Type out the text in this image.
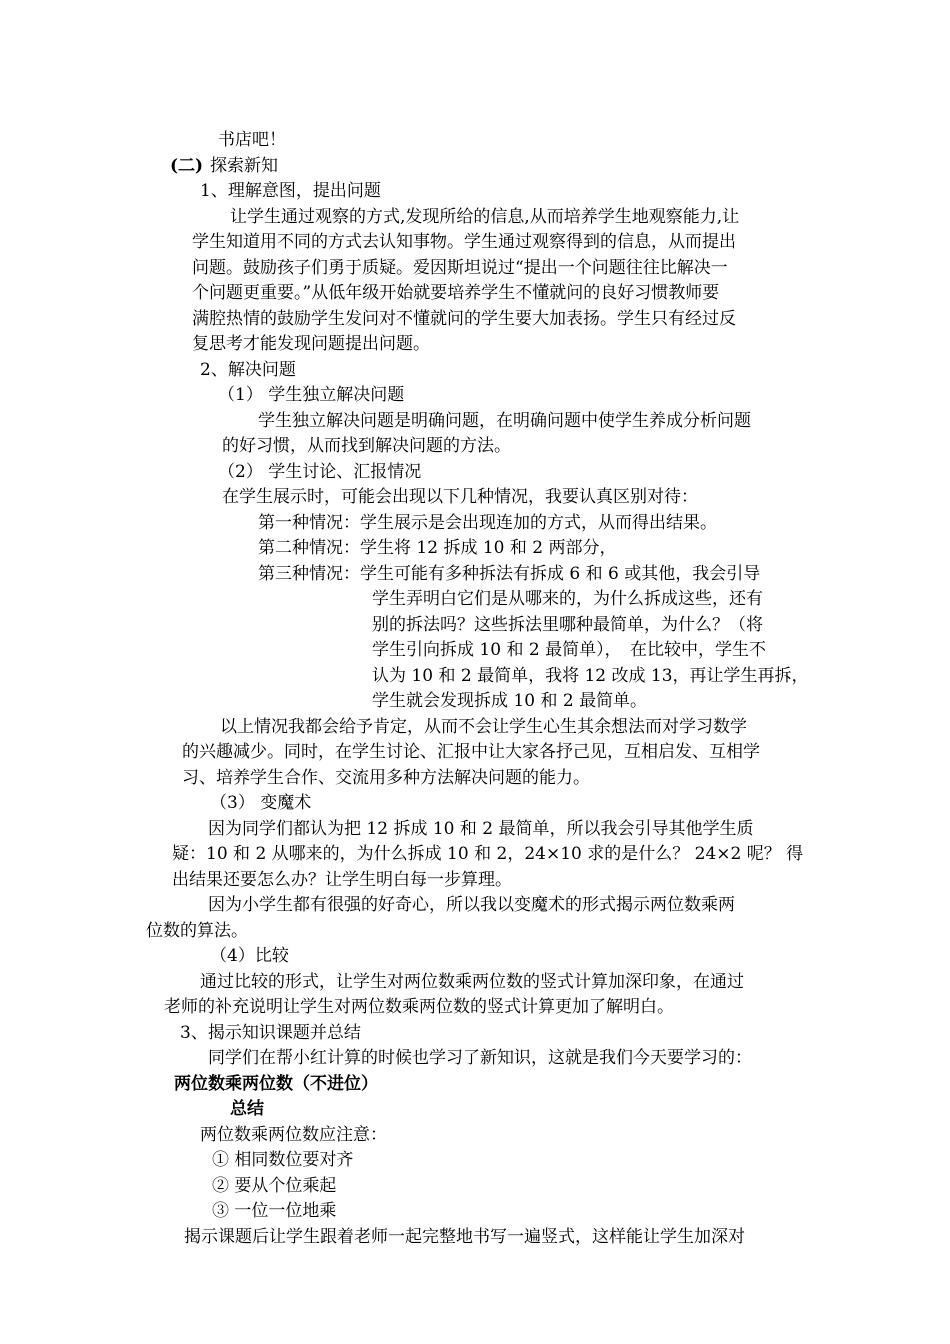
书店吧！
(二) 探索新知
1、理解意图，提出问题
让学生通过观察的方式,发现所给的信息,从而培养学生地观察能力,让
学生知道用不同的方式去认知事物。学生通过观察得到的信息，从而提出
问题。鼓励孩子们勇于质疑。爱因斯坦说过“提出一个问题往往比解决一
个问题更重要。”从低年级开始就要培养学生不懂就问的良好习惯教师要
满腔热情的鼓励学生发问对不懂就问的学生要大加表扬。学生只有经过反
复思考才能发现问题提出问题。
2、解决问题
（1） 学生独立解决问题
学生独立解决问题是明确问题，在明确问题中使学生养成分析问题
的好习惯，从而找到解决问题的方法。
（2） 学生讨论、汇报情况
在学生展示时，可能会出现以下几种情况，我要认真区别对待：
第一种情况：学生展示是会出现连加的方式，从而得出结果。
第二种情况：学生将 12 拆成 10 和 2 两部分，
第三种情况：学生可能有多种拆法有拆成 6 和 6 或其他，我会引导
学生弄明白它们是从哪来的，为什么拆成这些，还有
别的拆法吗？这些拆法里哪种最简单，为什么？（将
学生引向拆成 10 和 2 最简单），　在比较中，学生不
认为 10 和 2 最简单，我将 12 改成 13，再让学生再拆，
学生就会发现拆成 10 和 2 最简单。
以上情况我都会给予肯定，从而不会让学生心生其余想法而对学习数学
的兴趣减少。同时，在学生讨论、汇报中让大家各抒己见，互相启发、互相学
习、培养学生合作、交流用多种方法解决问题的能力。
（3） 变魔术
因为同学们都认为把 12 拆成 10 和 2 最简单，所以我会引导其他学生质
疑：10 和 2 从哪来的，为什么拆成 10 和 2，24×10 求的是什么？ 24×2 呢？ 得
出结果还要怎么办？让学生明白每一步算理。
因为小学生都有很强的好奇心，所以我以变魔术的形式揭示两位数乘两
位数的算法。
（4）比较
通过比较的形式，让学生对两位数乘两位数的竖式计算加深印象，在通过
老师的补充说明让学生对两位数乘两位数的竖式计算更加了解明白。
3、揭示知识课题并总结
同学们在帮小红计算的时候也学习了新知识，这就是我们今天要学习的：
两位数乘两位数（不进位）
总结
两位数乘两位数应注意：
① 相同数位要对齐
② 要从个位乘起
③ 一位一位地乘
揭示课题后让学生跟着老师一起完整地书写一遍竖式，这样能让学生加深对
